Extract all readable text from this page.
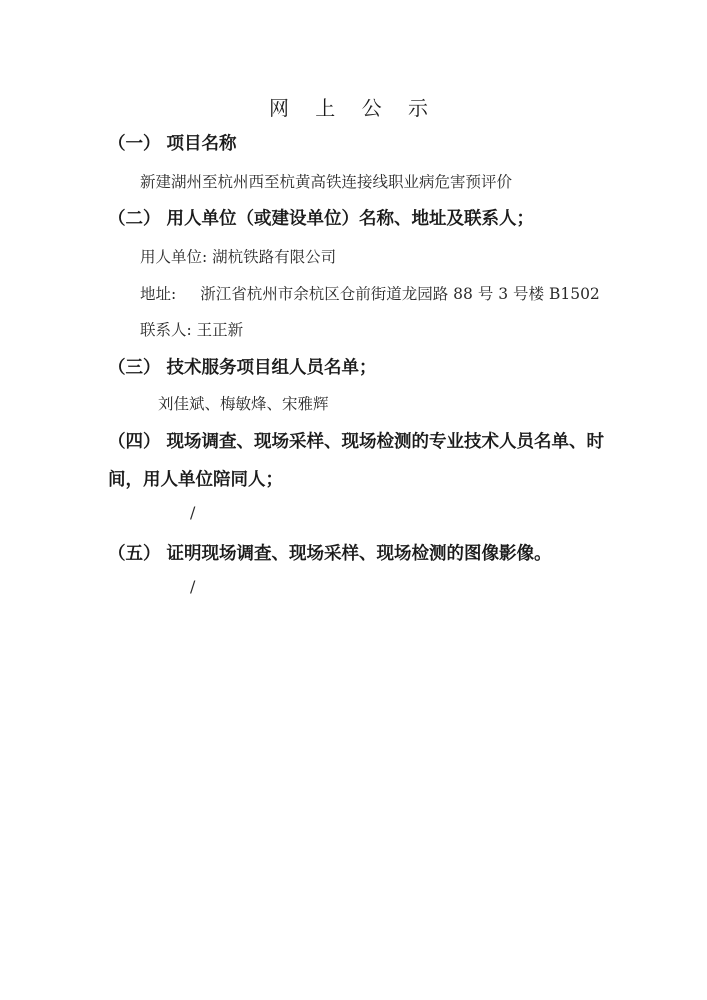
网 上 公 示
（一） 项目名称
新建湖州至杭州西至杭黄高铁连接线职业病危害预评价
（二） 用人单位（或建设单位）名称、地址及联系人；
用人单位: 湖杭铁路有限公司
地址: 浙江省杭州市余杭区仓前街道龙园路 88 号 3 号楼 B1502
联系人: 王正新
（三） 技术服务项目组人员名单；
刘佳斌、梅敏烽、宋雅辉
（四） 现场调查、现场采样、现场检测的专业技术人员名单、时
间，用人单位陪同人；
/
（五） 证明现场调查、现场采样、现场检测的图像影像。
/
